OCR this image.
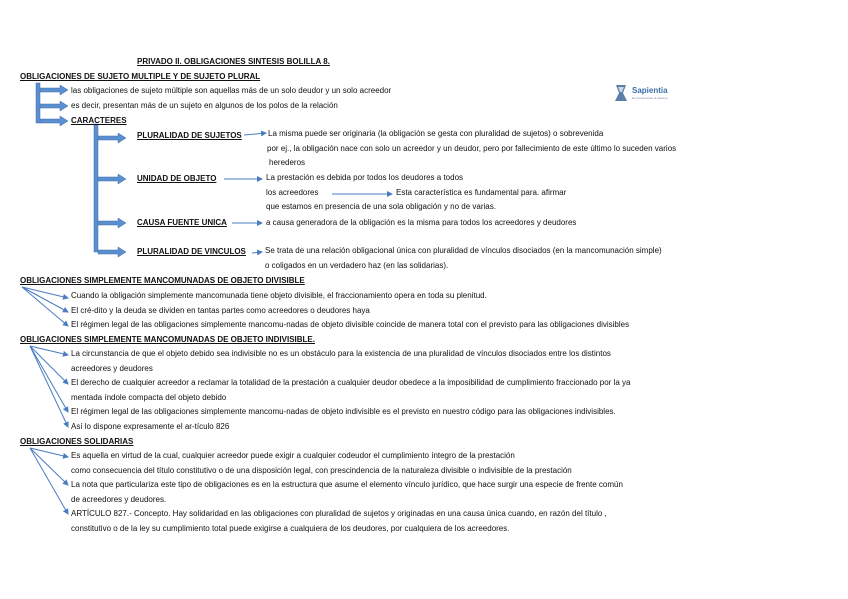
PRIVADO II. OBLIGACIONES SINTESIS BOLILLA 8.
Sapientia
El conocimiento al alcance
OBLIGACIONES DE SUJETO MULTIPLE Y DE SUJETO PLURAL
las obligaciones de sujeto múltiple son aquellas más de un solo deudor y un solo acreedor
es decir, presentan más de un sujeto en algunos de los polos de la relación
CARACTERES
PLURALIDAD DE SUJETOS	La misma puede ser originaria (la obligación se gesta con pluralidad de sujetos) o sobrevenida
por ej., la obligación nace con solo un acreedor y un deudor, pero por fallecimiento de este último lo suceden varios
herederos
UNIDAD DE OBJETO	La prestación es debida por todos los deudores a todos
los acreedores	Esta característica es fundamental para. afirmar
que estamos en presencia de una sola obligación y no de varias.
CAUSA FUENTE UNICA	a causa generadora de la obligación es la misma para todos los acreedores y deudores
PLURALIDAD DE VINCULOS Se trata de una relación obligacional única con pluralidad de vínculos disociados (en la mancomunación simple)
o coligados en un verdadero haz (en las solidarias).
OBLIGACIONES SIMPLEMENTE MANCOMUNADAS DE OBJETO DIVISIBLE
Cuando la obligación simplemente mancomunada tiene objeto divisible, el fraccionamiento opera en toda su plenitud.
El cré-dito y la deuda se dividen en tantas partes como acreedores o deudores haya
El régimen legal de las obligaciones simplemente mancomu-nadas de objeto divisible coincide de manera total con el previsto para las obligaciones divisibles
OBLIGACIONES SIMPLEMENTE MANCOMUNADAS DE OBJETO INDIVISIBLE.
La circunstancia de que el objeto debido sea indivisible no es un obstáculo para la existencia de una pluralidad de vínculos disociados entre los distintos
acreedores y deudores
El derecho de cualquier acreedor a reclamar la totalidad de la prestación a cualquier deudor obedece a la imposibilidad de cumplimiento fraccionado por la ya
mentada índole compacta del objeto debido
El régimen legal de las obligaciones simplemente mancomu-nadas de objeto indivisible es el previsto en nuestro código para las obligaciones indivisibles.
Así lo dispone expresamente el ar-tículo 826
OBLIGACIONES SOLIDARIAS
Es aquella en virtud de la cual, cualquier acreedor puede exigir a cualquier codeudor el cumplimiento íntegro de la prestación
como consecuencia del título constitutivo o de una disposición legal, con prescindencia de la naturaleza divisible o indivisible de la prestación
La nota que particulariza este tipo de obligaciones es en la estructura que asume el elemento vínculo jurídico, que hace surgir una especie de frente común
de acreedores y deudores.
ARTÍCULO 827.- Concepto. Hay solidaridad en las obligaciones con pluralidad de sujetos y originadas en una causa única cuando, en razón del título ,
constitutivo o de la ley su cumplimiento total puede exigirse a cualquiera de los deudores, por cualquiera de los acreedores.
